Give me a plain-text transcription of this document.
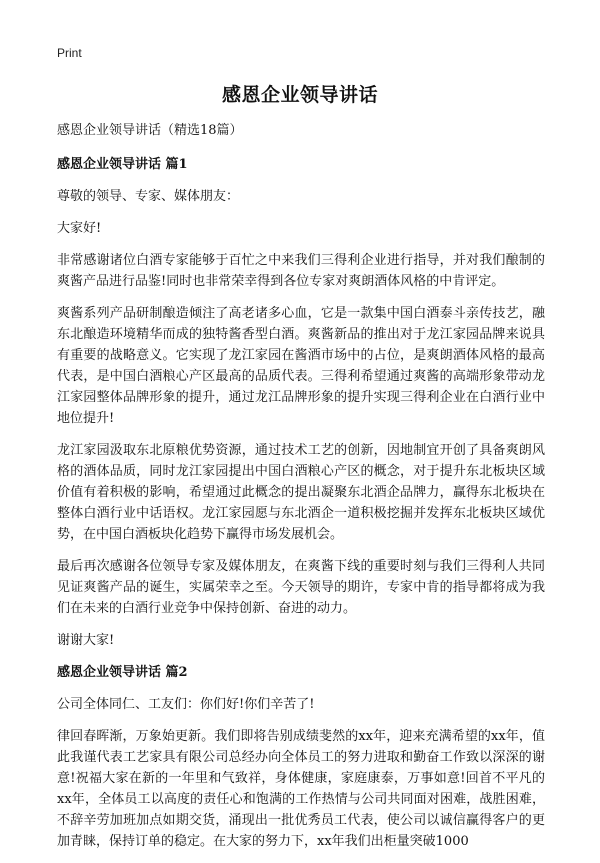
Print
感恩企业领导讲话

感恩企业领导讲话（精选18篇）

感恩企业领导讲话 篇1

尊敬的领导、专家、媒体朋友：

大家好!

非常感谢诸位白酒专家能够于百忙之中来我们三得利企业进行指导，并对我们酿制的爽酱产品进行品鉴!同时也非常荣幸得到各位专家对爽朗酒体风格的中肯评定。

爽酱系列产品研制酿造倾注了高老诸多心血，它是一款集中国白酒泰斗亲传技艺，融东北酿造环境精华而成的独特酱香型白酒。爽酱新品的推出对于龙江家园品牌来说具有重要的战略意义。它实现了龙江家园在酱酒市场中的占位，是爽朗酒体风格的最高代表，是中国白酒粮心产区最高的品质代表。三得利希望通过爽酱的高端形象带动龙江家园整体品牌形象的提升，通过龙江品牌形象的提升实现三得利企业在白酒行业中地位提升!

龙江家园汲取东北原粮优势资源，通过技术工艺的创新，因地制宜开创了具备爽朗风格的酒体品质，同时龙江家园提出中国白酒粮心产区的概念，对于提升东北板块区域价值有着积极的影响，希望通过此概念的提出凝聚东北酒企品牌力，赢得东北板块在整体白酒行业中话语权。龙江家园愿与东北酒企一道积极挖掘并发挥东北板块区域优势，在中国白酒板块化趋势下赢得市场发展机会。

最后再次感谢各位领导专家及媒体朋友，在爽酱下线的重要时刻与我们三得利人共同见证爽酱产品的诞生，实属荣幸之至。今天领导的期许，专家中肯的指导都将成为我们在未来的白酒行业竞争中保持创新、奋进的动力。

谢谢大家!

感恩企业领导讲话 篇2

公司全体同仁、工友们：你们好!你们辛苦了!

律回春晖渐，万象始更新。我们即将告别成绩斐然的xx年，迎来充满希望的xx年，值此我谨代表工艺家具有限公司总经办向全体员工的努力进取和勤奋工作致以深深的谢意!祝福大家在新的一年里和气致祥，身体健康，家庭康泰，万事如意!回首不平凡的xx年，全体员工以高度的责任心和饱满的工作热情与公司共同面对困难，战胜困难，不辞辛劳加班加点如期交货，涌现出一批优秀员工代表，使公司以诚信赢得客户的更加青睐，保持订单的稳定。在大家的努力下，xx年我们出柜量突破1000
